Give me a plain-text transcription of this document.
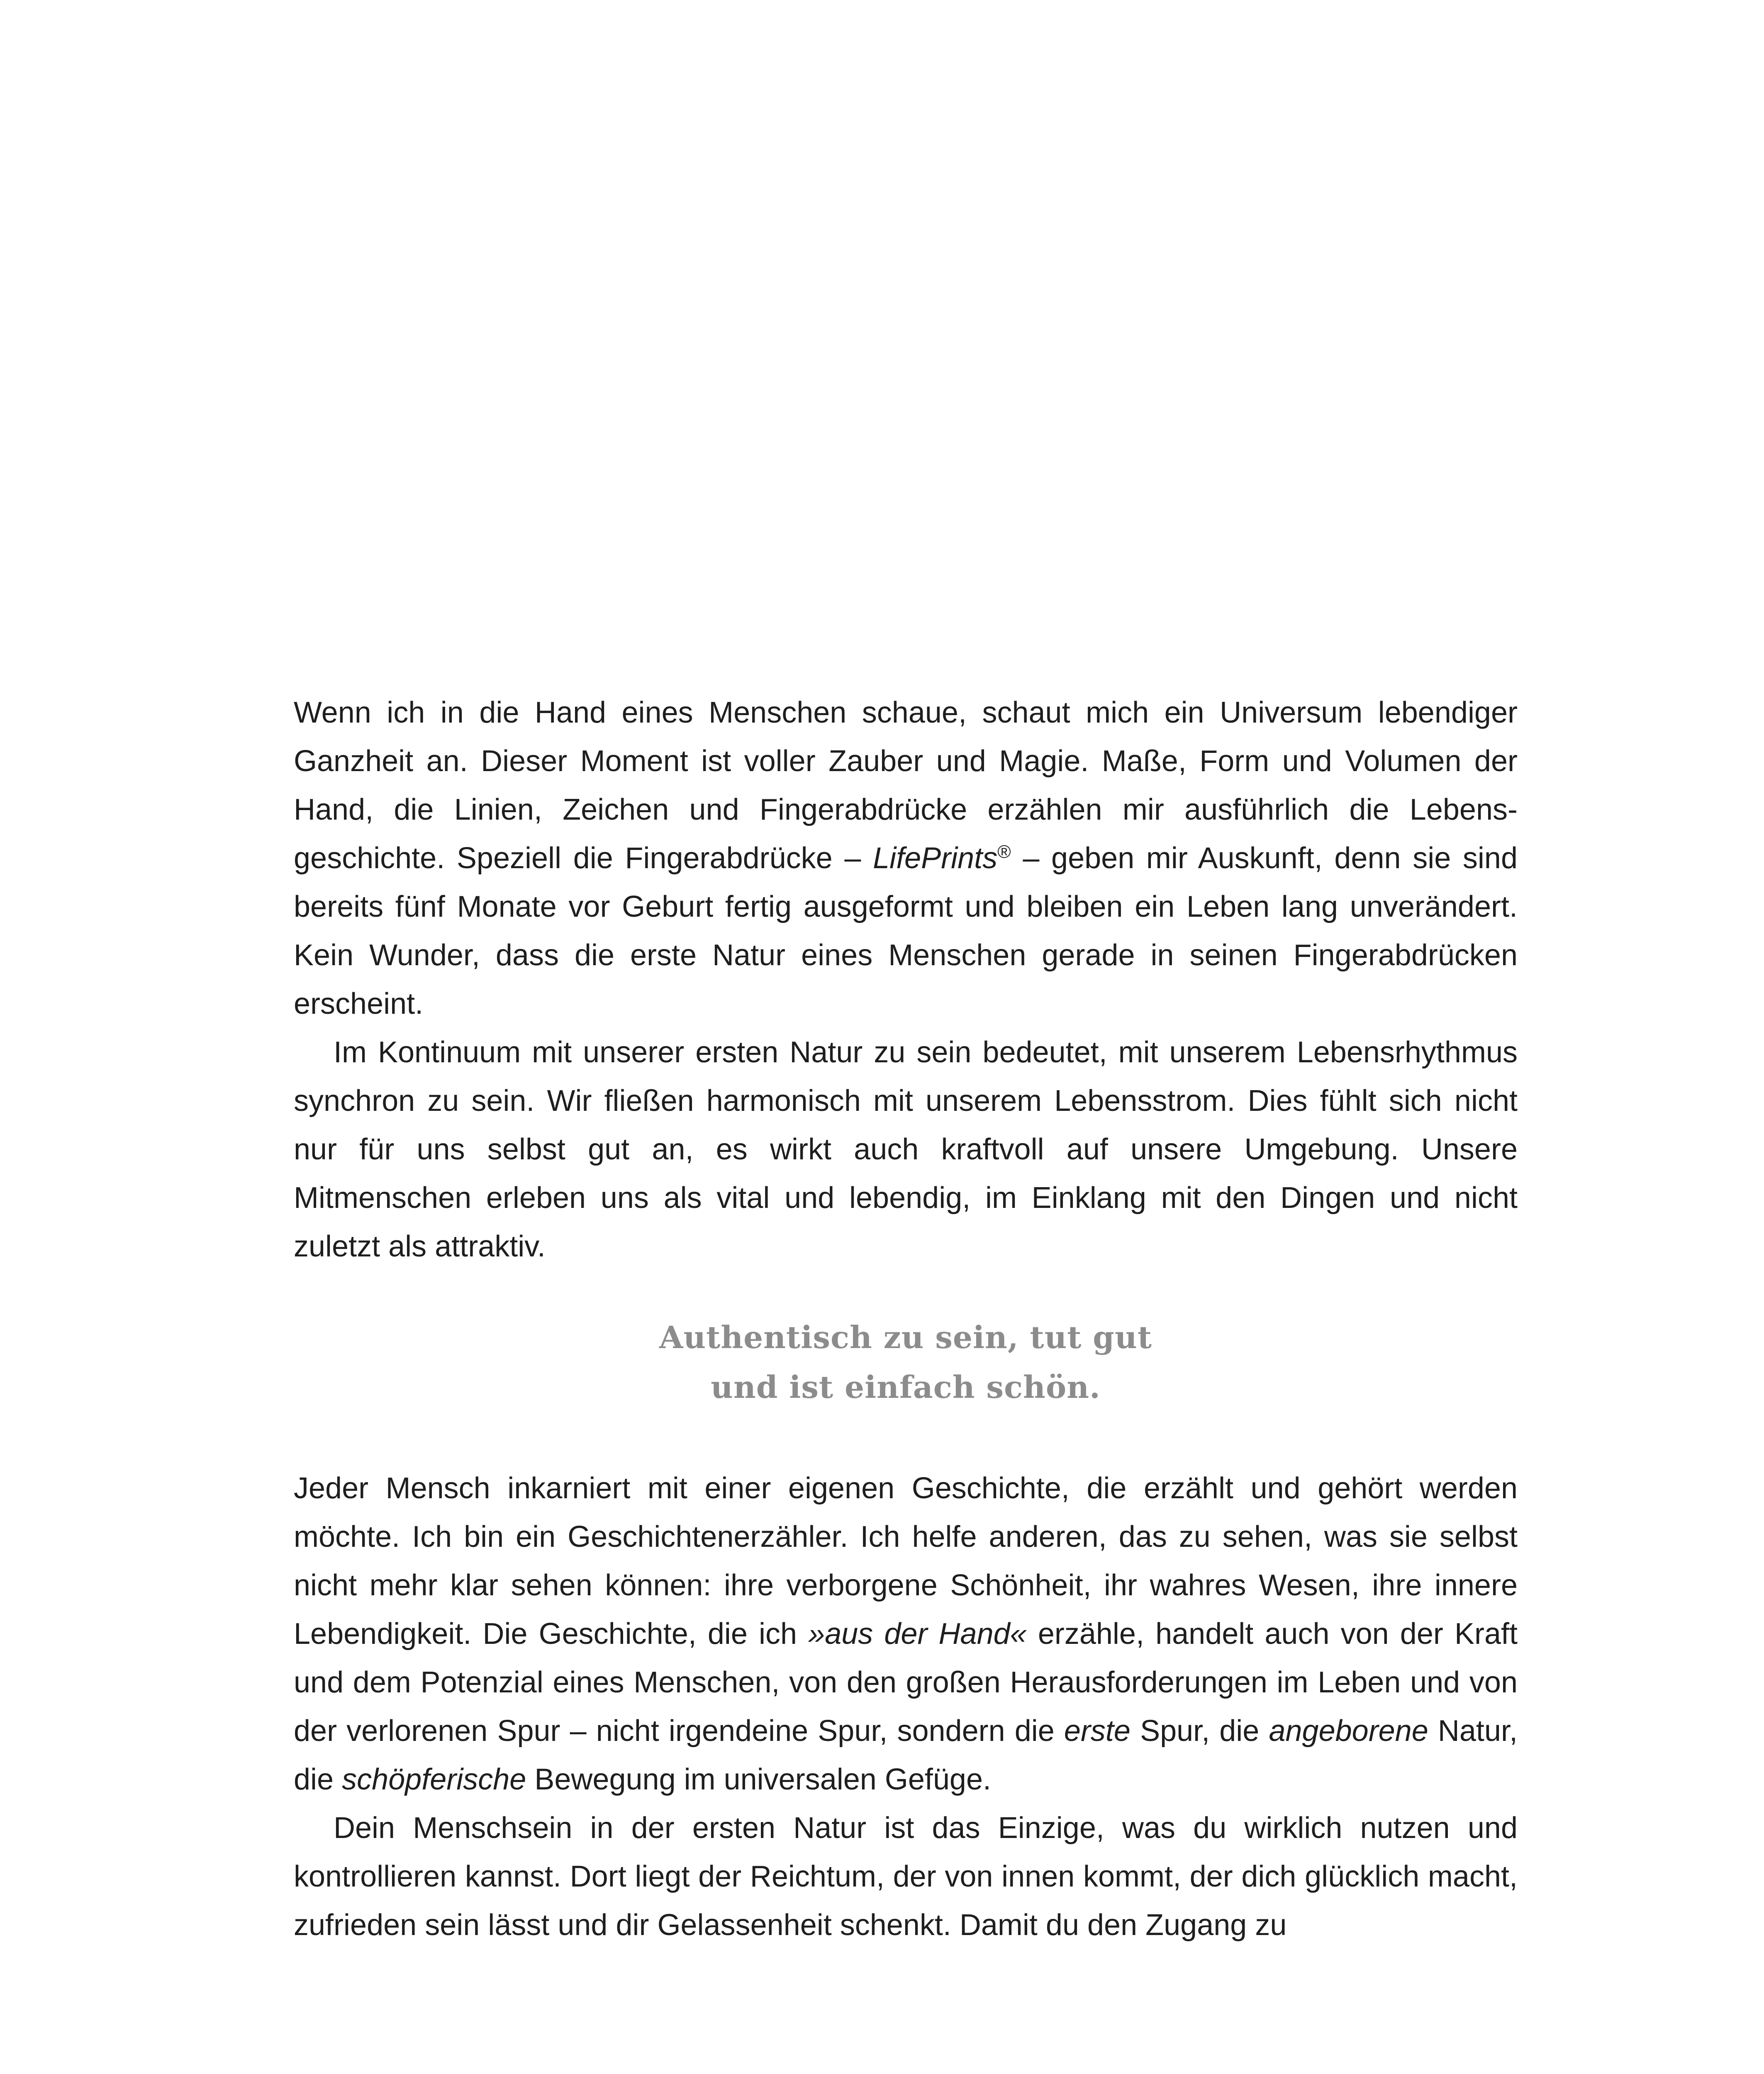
Wenn ich in die Hand eines Menschen schaue, schaut mich ein Universum lebendiger Ganzheit an. Dieser Moment ist voller Zauber und Magie. Maße, Form und Volumen der Hand, die Linien, Zeichen und Fingerabdrücke erzählen mir ausführlich die Lebensgeschichte. Speziell die Fingerabdrücke – LifePrints® – geben mir Auskunft, denn sie sind bereits fünf Monate vor Geburt fertig ausgeformt und bleiben ein Leben lang unverändert. Kein Wunder, dass die erste Natur eines Menschen gerade in seinen Fingerabdrücken erscheint.

Im Kontinuum mit unserer ersten Natur zu sein bedeutet, mit unserem Lebensrhythmus synchron zu sein. Wir fließen harmonisch mit unserem Lebensstrom. Dies fühlt sich nicht nur für uns selbst gut an, es wirkt auch kraftvoll auf unsere Umgebung. Unsere Mitmenschen erleben uns als vital und lebendig, im Einklang mit den Dingen und nicht zuletzt als attraktiv.

Authentisch zu sein, tut gut
und ist einfach schön.

Jeder Mensch inkarniert mit einer eigenen Geschichte, die erzählt und gehört werden möchte. Ich bin ein Geschichtenerzähler. Ich helfe anderen, das zu sehen, was sie selbst nicht mehr klar sehen können: ihre verborgene Schönheit, ihr wahres Wesen, ihre innere Lebendigkeit. Die Geschichte, die ich »aus der Hand« erzähle, handelt auch von der Kraft und dem Potenzial eines Menschen, von den großen Herausforderungen im Leben und von der verlorenen Spur – nicht irgendeine Spur, sondern die erste Spur, die angeborene Natur, die schöpferische Bewegung im universalen Gefüge.

Dein Menschsein in der ersten Natur ist das Einzige, was du wirklich nutzen und kontrollieren kannst. Dort liegt der Reichtum, der von innen kommt, der dich glücklich macht, zufrieden sein lässt und dir Gelassenheit schenkt. Damit du den Zugang zu
